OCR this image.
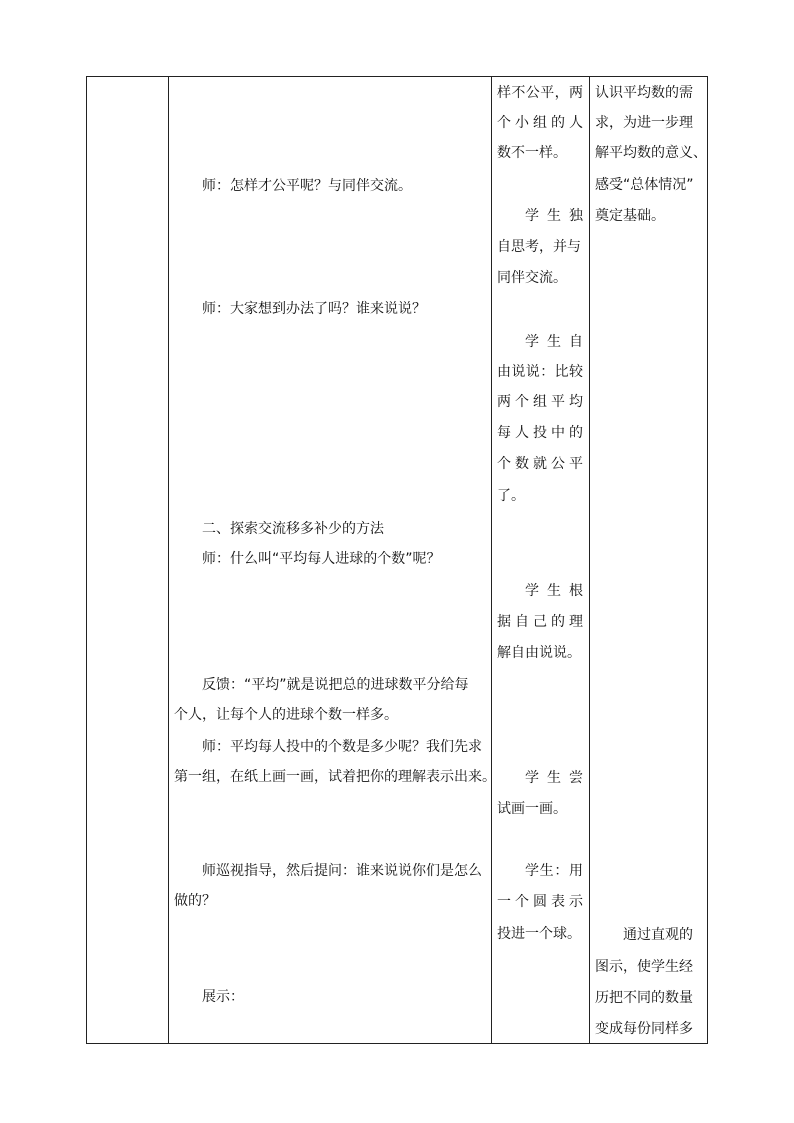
师：怎样才公平呢？与同伴交流。
师：大家想到办法了吗？谁来说说？
二、探索交流移多补少的方法
师：什么叫“平均每人进球的个数”呢？
反馈：“平均”就是说把总的进球数平分给每
个人，让每个人的进球个数一样多。
师：平均每人投中的个数是多少呢？我们先求
第一组，在纸上画一画，试着把你的理解表示出来。
师巡视指导，然后提问：谁来说说你们是怎么
做的？
展示：
样不公平，两
个小组的人
数不一样。
学生独
自思考，并与
同伴交流。
学生自
由说说：比较
两个组平均
每人投中的
个数就公平
了。
学生根
据自己的理
解自由说说。
学生尝
试画一画。
学生：用
一个圆表示
投进一个球。
认识平均数的需
求，为进一步理
解平均数的意义、
感受“总体情况”
奠定基础。
通过直观的
图示，使学生经
历把不同的数量
变成每份同样多
